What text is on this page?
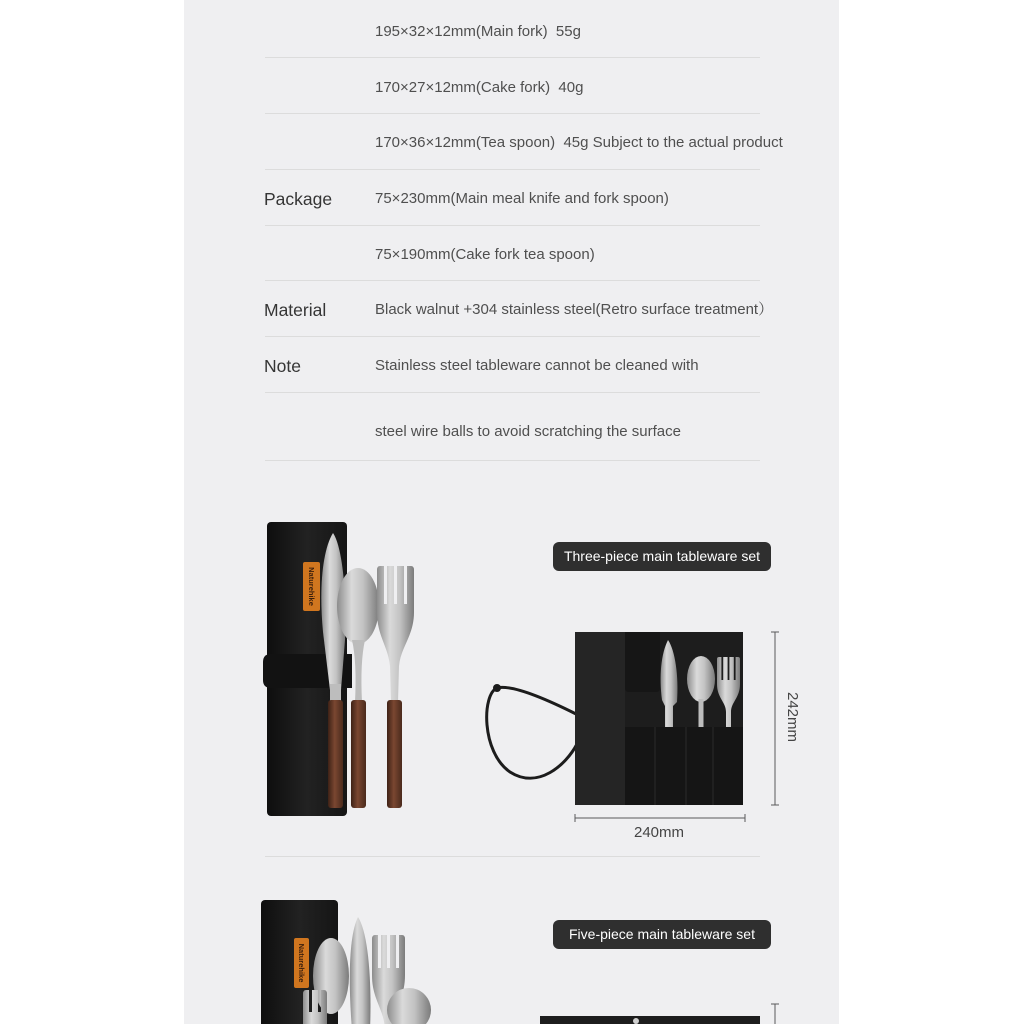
Naturehike
Naturehike
195×32×12mm(Main fork)  55g
170×27×12mm(Cake fork)  40g
170×36×12mm(Tea spoon)  45g Subject to the actual product
Package	75×230mm(Main meal knife and fork spoon)
75×190mm(Cake fork tea spoon)
Material	Black walnut +304 stainless steel(Retro surface treatment）
Note	Stainless steel tableware cannot be cleaned with
steel wire balls to avoid scratching the surface
Three-piece main tableware set
242mm
240mm
Five-piece main tableware set
